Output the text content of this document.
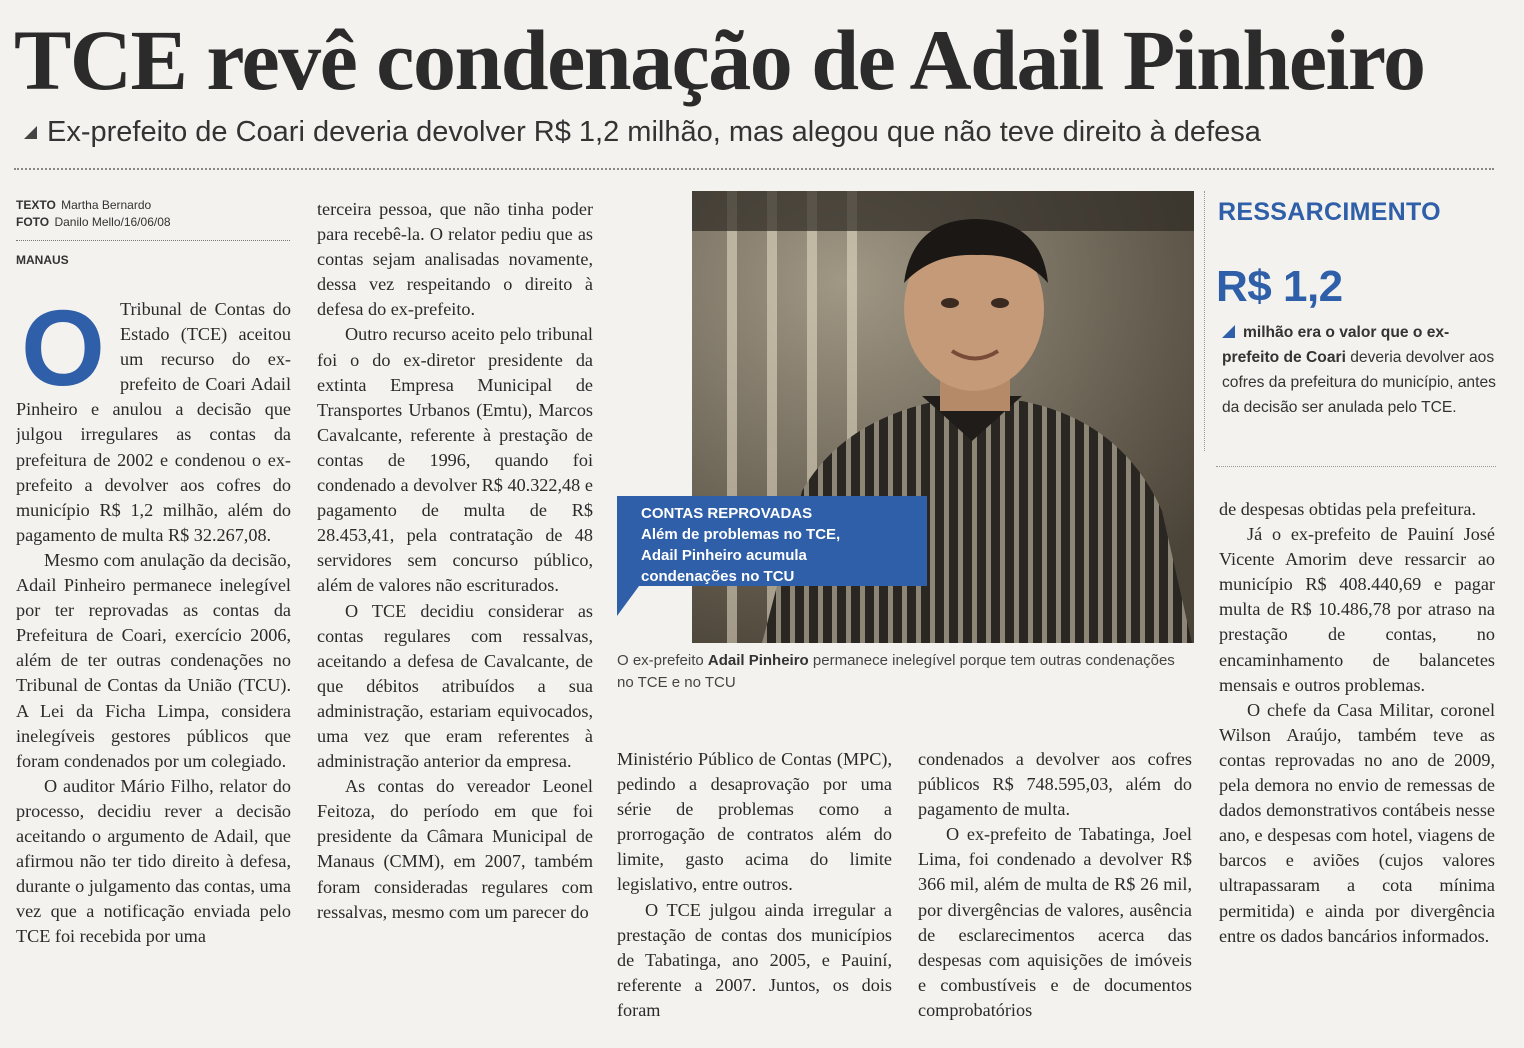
TCE revê condenação de Adail Pinheiro
Ex-prefeito de Coari deveria devolver R$ 1,2 milhão, mas alegou que não teve direito à defesa
TEXTO Martha Bernardo
FOTO Danilo Mello/16/06/08
MANAUS
O Tribunal de Contas do Estado (TCE) aceitou um recurso do ex-prefeito de Coari Adail Pinheiro e anulou a decisão que julgou irregulares as contas da prefeitura de 2002 e condenou o ex-prefeito a devolver aos cofres do município R$ 1,2 milhão, além do pagamento de multa R$ 32.267,08.

Mesmo com anulação da decisão, Adail Pinheiro permanece inelegível por ter reprovadas as contas da Prefeitura de Coari, exercício 2006, além de ter outras condenações no Tribunal de Contas da União (TCU). A Lei da Ficha Limpa, considera inelegíveis gestores públicos que foram condenados por um colegiado.

O auditor Mário Filho, relator do processo, decidiu rever a decisão aceitando o argumento de Adail, que afirmou não ter tido direito à defesa, durante o julgamento das contas, uma vez que a notificação enviada pelo TCE foi recebida por uma

terceira pessoa, que não tinha poder para recebê-la. O relator pediu que as contas sejam analisadas novamente, dessa vez respeitando o direito à defesa do ex-prefeito.

Outro recurso aceito pelo tribunal foi o do ex-diretor presidente da extinta Empresa Municipal de Transportes Urbanos (Emtu), Marcos Cavalcante, referente à prestação de contas de 1996, quando foi condenado a devolver R$ 40.322,48 e pagamento de multa de R$ 28.453,41, pela contratação de 48 servidores sem concurso público, além de valores não escriturados.

O TCE decidiu considerar as contas regulares com ressalvas, aceitando a defesa de Cavalcante, de que débitos atribuídos a sua administração, estariam equivocados, uma vez que eram referentes à administração anterior da empresa.

As contas do vereador Leonel Feitoza, do período em que foi presidente da Câmara Municipal de Manaus (CMM), em 2007, também foram consideradas regulares com ressalvas, mesmo com um parecer do

CONTAS REPROVADAS
Além de problemas no TCE,
Adail Pinheiro acumula
condenações no TCU
O ex-prefeito Adail Pinheiro permanece inelegível porque tem outras condenações no TCE e no TCU

Ministério Público de Contas (MPC), pedindo a desaprovação por uma série de problemas como a prorrogação de contratos além do limite, gasto acima do limite legislativo, entre outros.

O TCE julgou ainda irregular a prestação de contas dos municípios de Tabatinga, ano 2005, e Pauiní, referente a 2007. Juntos, os dois foram

condenados a devolver aos cofres públicos R$ 748.595,03, além do pagamento de multa.

O ex-prefeito de Tabatinga, Joel Lima, foi condenado a devolver R$ 366 mil, além de multa de R$ 26 mil, por divergências de valores, ausência de esclarecimentos acerca das despesas com aquisições de imóveis e combustíveis e de documentos comprobatórios

RESSARCIMENTO
R$ 1,2
milhão era o valor que o ex-prefeito de Coari deveria devolver aos cofres da prefeitura do município, antes da decisão ser anulada pelo TCE.

de despesas obtidas pela prefeitura.

Já o ex-prefeito de Pauiní José Vicente Amorim deve ressarcir ao município R$ 408.440,69 e pagar multa de R$ 10.486,78 por atraso na prestação de contas, no encaminhamento de balancetes mensais e outros problemas.

O chefe da Casa Militar, coronel Wilson Araújo, também teve as contas reprovadas no ano de 2009, pela demora no envio de remessas de dados demonstrativos contábeis nesse ano, e despesas com hotel, viagens de barcos e aviões (cujos valores ultrapassaram a cota mínima permitida) e ainda por divergência entre os dados bancários informados.
